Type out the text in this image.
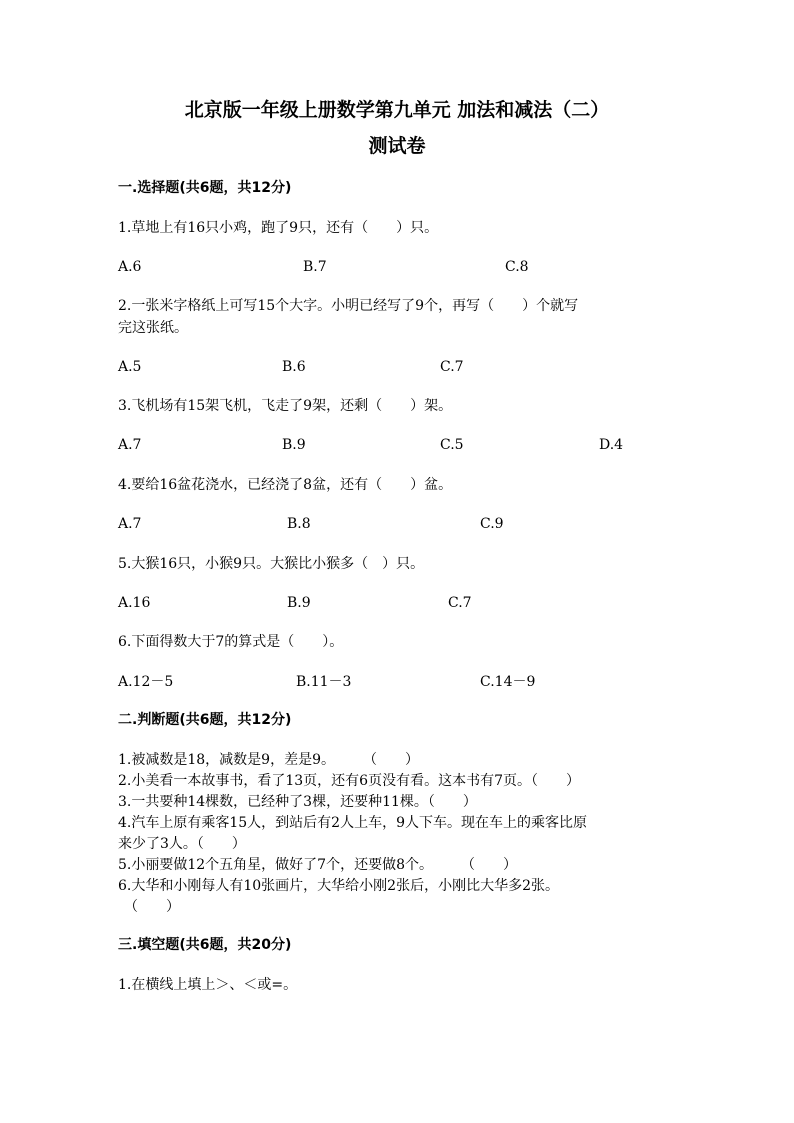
北京版一年级上册数学第九单元 加法和减法（二）
测试卷
一.选择题(共6题，共12分)
1.草地上有16只小鸡，跑了9只，还有（　　）只。
A.6	B.7	C.8
2.一张米字格纸上可写15个大字。小明已经写了9个，再写（　　）个就写
完这张纸。
A.5	B.6	C.7
3.飞机场有15架飞机，飞走了9架，还剩（　　）架。
A.7	B.9	C.5	D.4
4.要给16盆花浇水，已经浇了8盆，还有（　　）盆。
A.7	B.8	C.9
5.大猴16只，小猴9只。大猴比小猴多（　）只。
A.16	B.9	C.7
6.下面得数大于7的算式是（　　）。
A.12－5	B.11－3	C.14－9
二.判断题(共6题，共12分)
1.被减数是18，减数是9，差是9。　　　（　　）
2.小美看一本故事书，看了13页，还有6页没有看。这本书有7页。（　　）
3.一共要种14棵数，已经种了3棵，还要种11棵。（　　）
4.汽车上原有乘客15人，到站后有2人上车，9人下车。现在车上的乘客比原
来少了3人。（　　）
5.小丽要做12个五角星，做好了7个，还要做8个。　　　（　　）
6.大华和小刚每人有10张画片，大华给小刚2张后，小刚比大华多2张。
（　　）
三.填空题(共6题，共20分)
1.在横线上填上＞、＜或=。
